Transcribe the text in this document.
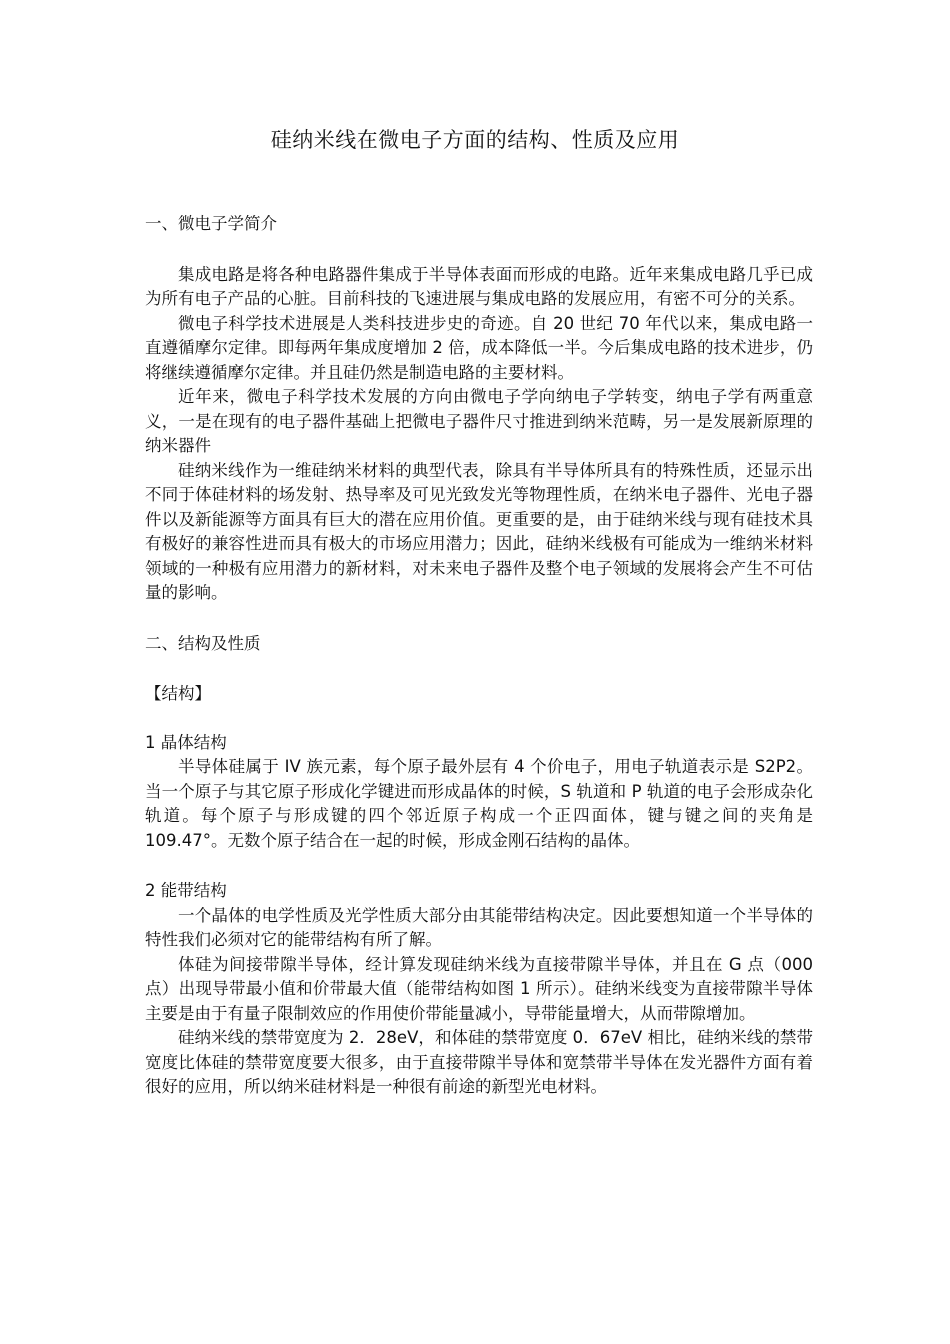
硅纳米线在微电子方面的结构、性质及应用
一、微电子学简介

集成电路是将各种电路器件集成于半导体表面而形成的电路。近年来集成电路几乎已成为所有电子产品的心脏。目前科技的飞速进展与集成电路的发展应用，有密不可分的关系。

微电子科学技术进展是人类科技进步史的奇迹。自 20 世纪 70 年代以来，集成电路一直遵循摩尔定律。即每两年集成度增加 2 倍，成本降低一半。今后集成电路的技术进步，仍将继续遵循摩尔定律。并且硅仍然是制造电路的主要材料。

近年来，微电子科学技术发展的方向由微电子学向纳电子学转变，纳电子学有两重意义，一是在现有的电子器件基础上把微电子器件尺寸推进到纳米范畴，另一是发展新原理的纳米器件

硅纳米线作为一维硅纳米材料的典型代表，除具有半导体所具有的特殊性质，还显示出不同于体硅材料的场发射、热导率及可见光致发光等物理性质，在纳米电子器件、光电子器件以及新能源等方面具有巨大的潜在应用价值。更重要的是，由于硅纳米线与现有硅技术具有极好的兼容性进而具有极大的市场应用潜力；因此，硅纳米线极有可能成为一维纳米材料领域的一种极有应用潜力的新材料，对未来电子器件及整个电子领域的发展将会产生不可估量的影响。

二、结构及性质
【结构】
1 晶体结构

半导体硅属于 IV 族元素，每个原子最外层有 4 个价电子，用电子轨道表示是 S2P2。当一个原子与其它原子形成化学键进而形成晶体的时候，S 轨道和 P 轨道的电子会形成杂化轨道。每个原子与形成键的四个邻近原子构成一个正四面体，键与键之间的夹角是 109.47°。无数个原子结合在一起的时候，形成金刚石结构的晶体。

2 能带结构

一个晶体的电学性质及光学性质大部分由其能带结构决定。因此要想知道一个半导体的特性我们必须对它的能带结构有所了解。

体硅为间接带隙半导体，经计算发现硅纳米线为直接带隙半导体，并且在 G 点（000 点）出现导带最小值和价带最大值（能带结构如图 1 所示）。硅纳米线变为直接带隙半导体主要是由于有量子限制效应的作用使价带能量减小，导带能量增大，从而带隙增加。

硅纳米线的禁带宽度为 2．28eV，和体硅的禁带宽度 0．67eV 相比，硅纳米线的禁带宽度比体硅的禁带宽度要大很多，由于直接带隙半导体和宽禁带半导体在发光器件方面有着很好的应用，所以纳米硅材料是一种很有前途的新型光电材料。
